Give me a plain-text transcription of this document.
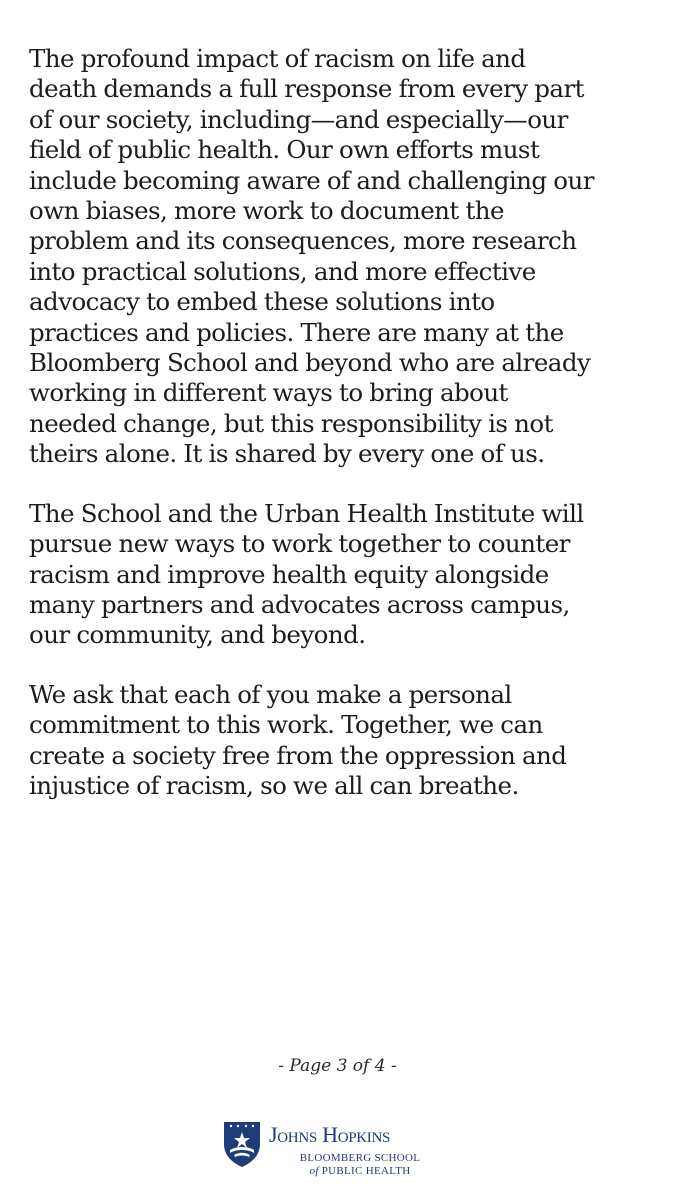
The profound impact of racism on life and
death demands a full response from every part
of our society, including—and especially—our
field of public health. Our own efforts must
include becoming aware of and challenging our
own biases, more work to document the
problem and its consequences, more research
into practical solutions, and more effective
advocacy to embed these solutions into
practices and policies. There are many at the
Bloomberg School and beyond who are already
working in different ways to bring about
needed change, but this responsibility is not
theirs alone. It is shared by every one of us.

The School and the Urban Health Institute will
pursue new ways to work together to counter
racism and improve health equity alongside
many partners and advocates across campus,
our community, and beyond.

We ask that each of you make a personal
commitment to this work. Together, we can
create a society free from the oppression and
injustice of racism, so we all can breathe.

- Page 3 of 4 -
Johns Hopkins
BLOOMBERG SCHOOL
of PUBLIC HEALTH
